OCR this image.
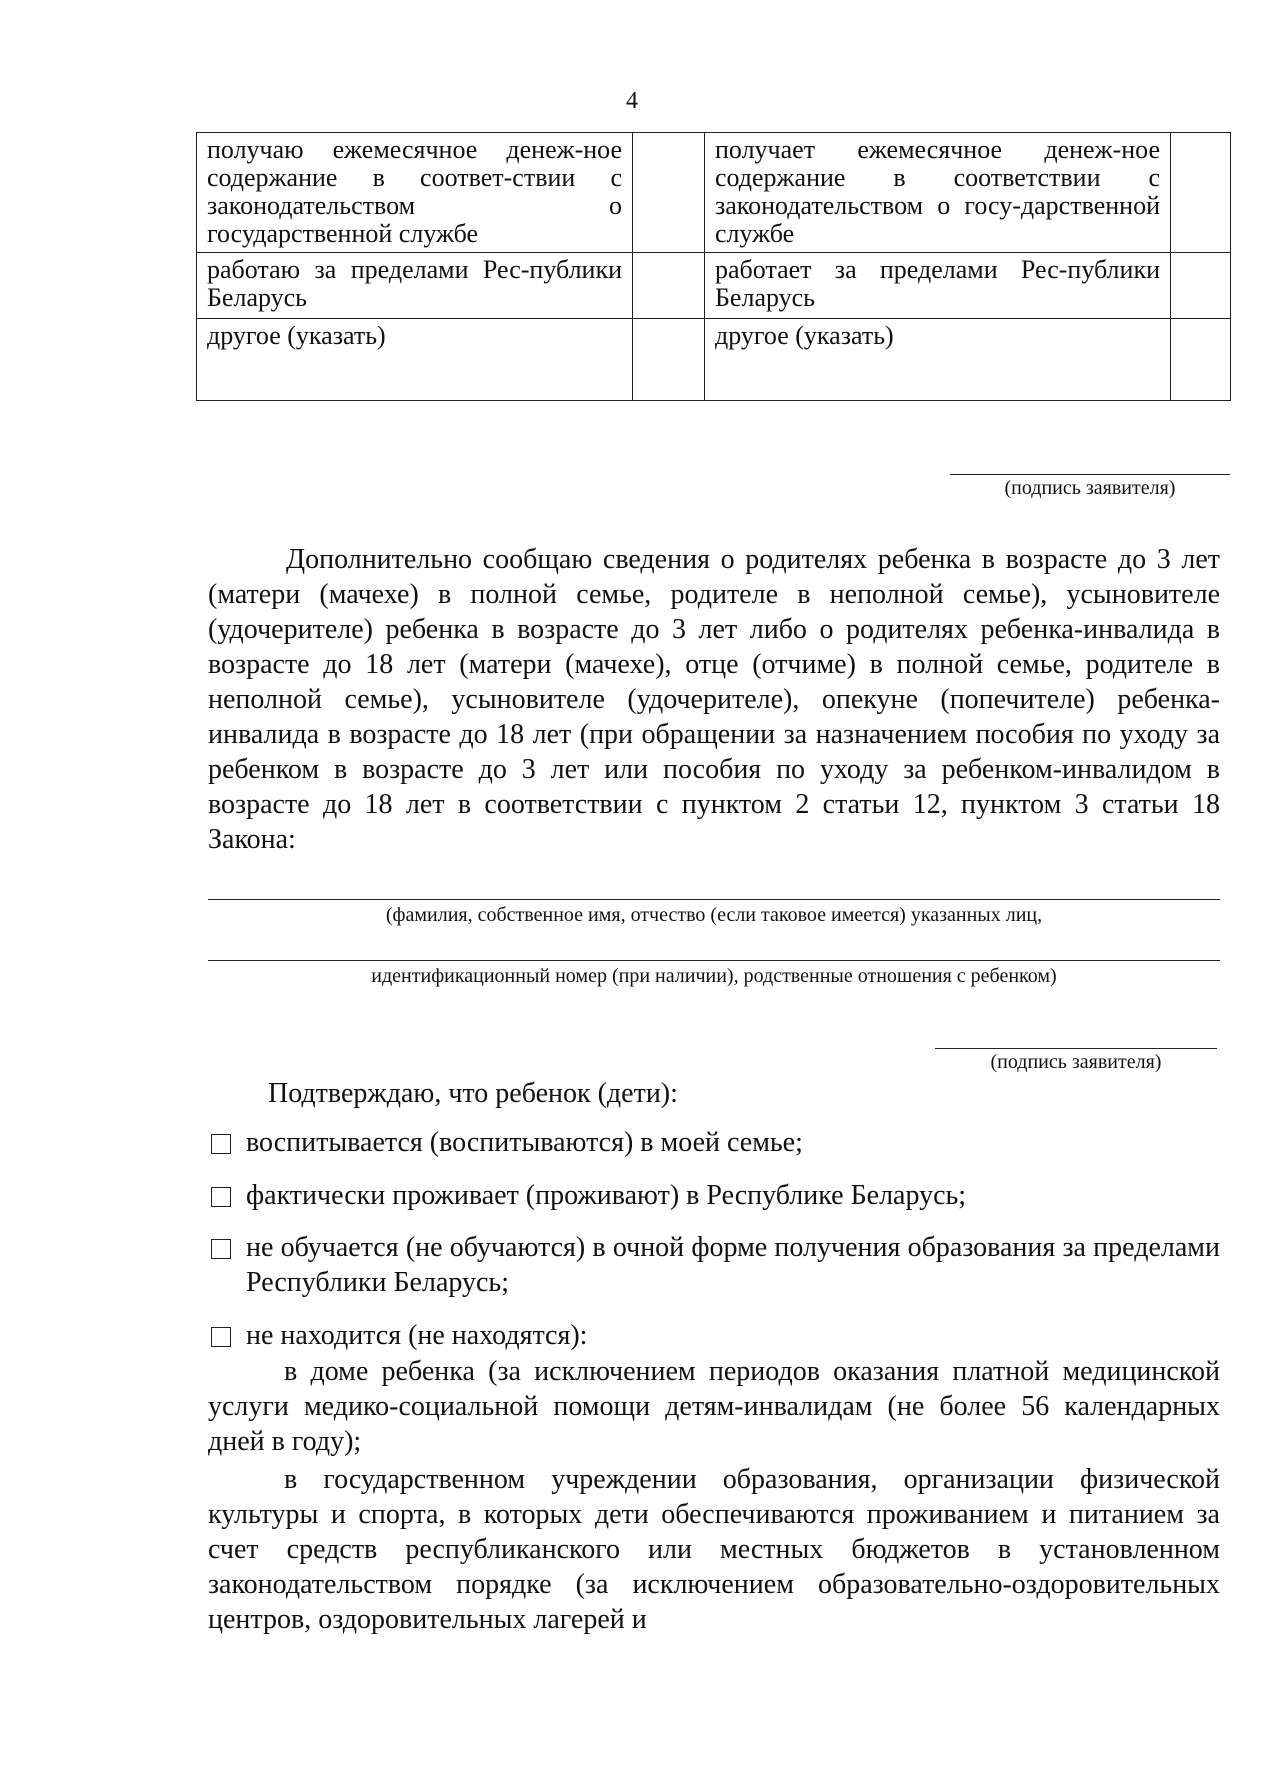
4
получаю ежемесячное денеж-ное содержание в соответ-ствии с законодательством о государственной службе		получает ежемесячное денеж-ное содержание в соответствии с законодательством о госу-дарственной службе	
работаю за пределами Рес-публики Беларусь		работает за пределами Рес-публики Беларусь	
другое (указать)		другое (указать)	
(подпись заявителя)
Дополнительно сообщаю сведения о родителях ребенка в возрасте до 3 лет (матери (мачехе) в полной семье, родителе в неполной семье), усыновителе (удочерителе) ребенка в возрасте до 3 лет либо о родителях ребенка-инвалида в возрасте до 18 лет (матери (мачехе), отце (отчиме) в полной семье, родителе в неполной семье), усыновителе (удочерителе), опекуне (попечителе) ребенка-инвалида в возрасте до 18 лет (при обращении за назначением пособия по уходу за ребенком в возрасте до 3 лет или пособия по уходу за ребенком-инвалидом в возрасте до 18 лет в соответствии с пунктом 2 статьи 12, пунктом 3 статьи 18 Закона:
(фамилия, собственное имя, отчество (если таковое имеется) указанных лиц,
идентификационный номер (при наличии), родственные отношения с ребенком)
(подпись заявителя)
Подтверждаю, что ребенок (дети):
воспитывается (воспитываются) в моей семье;
фактически проживает (проживают) в Республике Беларусь;
не обучается (не обучаются) в очной форме получения образования за пределами Республики Беларусь;
не находится (не находятся):
в доме ребенка (за исключением периодов оказания платной медицинской услуги медико-социальной помощи детям-инвалидам (не более 56 календарных дней в году);
в государственном учреждении образования, организации физической культуры и спорта, в которых дети обеспечиваются проживанием и питанием за счет средств республиканского или местных бюджетов в установленном законодательством порядке (за исключением образовательно-оздоровительных центров, оздоровительных лагерей и
